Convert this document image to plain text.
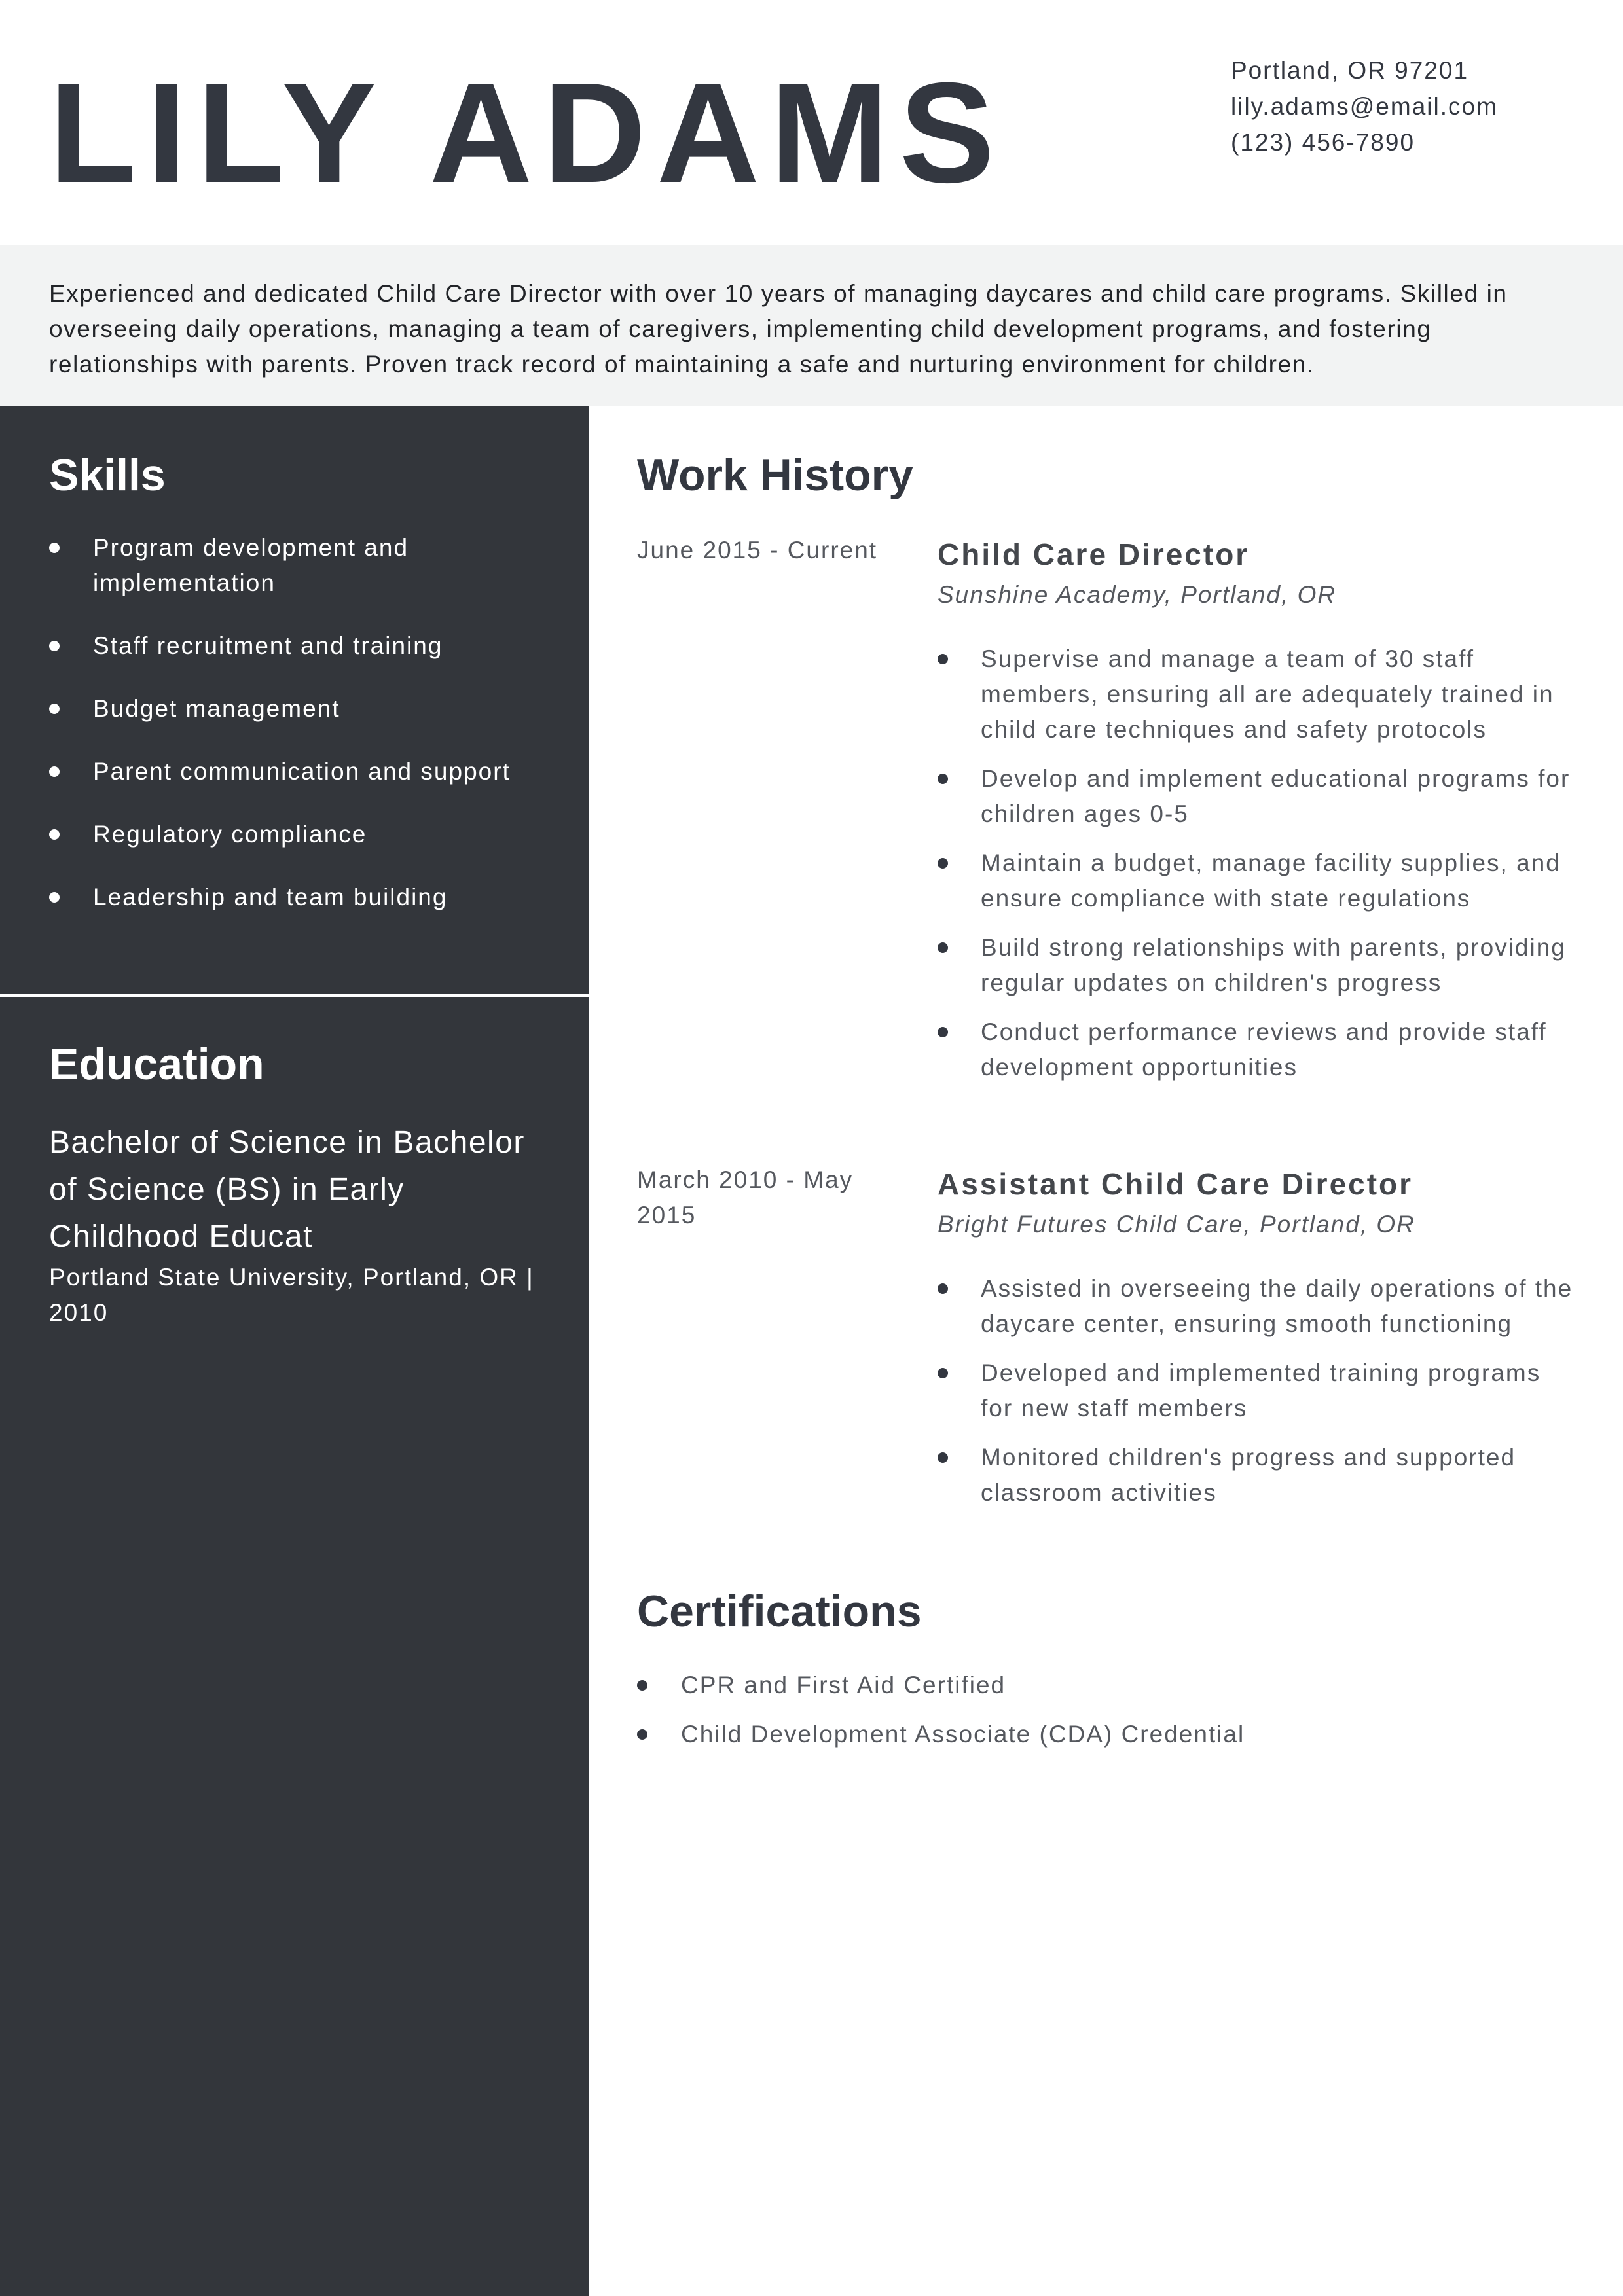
LILY ADAMS	Portland, OR 97201
lily.adams@email.com
(123) 456-7890
Experienced and dedicated Child Care Director with over 10 years of managing daycares and child care programs. Skilled in overseeing daily operations, managing a team of caregivers, implementing child development programs, and fostering relationships with parents. Proven track record of maintaining a safe and nurturing environment for children.
Skills
Program development and implementation
Staff recruitment and training
Budget management
Parent communication and support
Regulatory compliance
Leadership and team building
Education
Bachelor of Science in Bachelor of Science (BS) in Early Childhood Educat
Portland State University, Portland, OR | 2010
Work History
June 2015 - Current	Child Care Director
Sunshine Academy, Portland, OR
Supervise and manage a team of 30 staff members, ensuring all are adequately trained in child care techniques and safety protocols
Develop and implement educational programs for children ages 0-5
Maintain a budget, manage facility supplies, and ensure compliance with state regulations
Build strong relationships with parents, providing regular updates on children's progress
Conduct performance reviews and provide staff development opportunities
March 2010 - May 2015
Assistant Child Care Director
Bright Futures Child Care, Portland, OR
Assisted in overseeing the daily operations of the daycare center, ensuring smooth functioning
Developed and implemented training programs for new staff members
Monitored children's progress and supported classroom activities
Certifications
CPR and First Aid Certified
Child Development Associate (CDA) Credential
